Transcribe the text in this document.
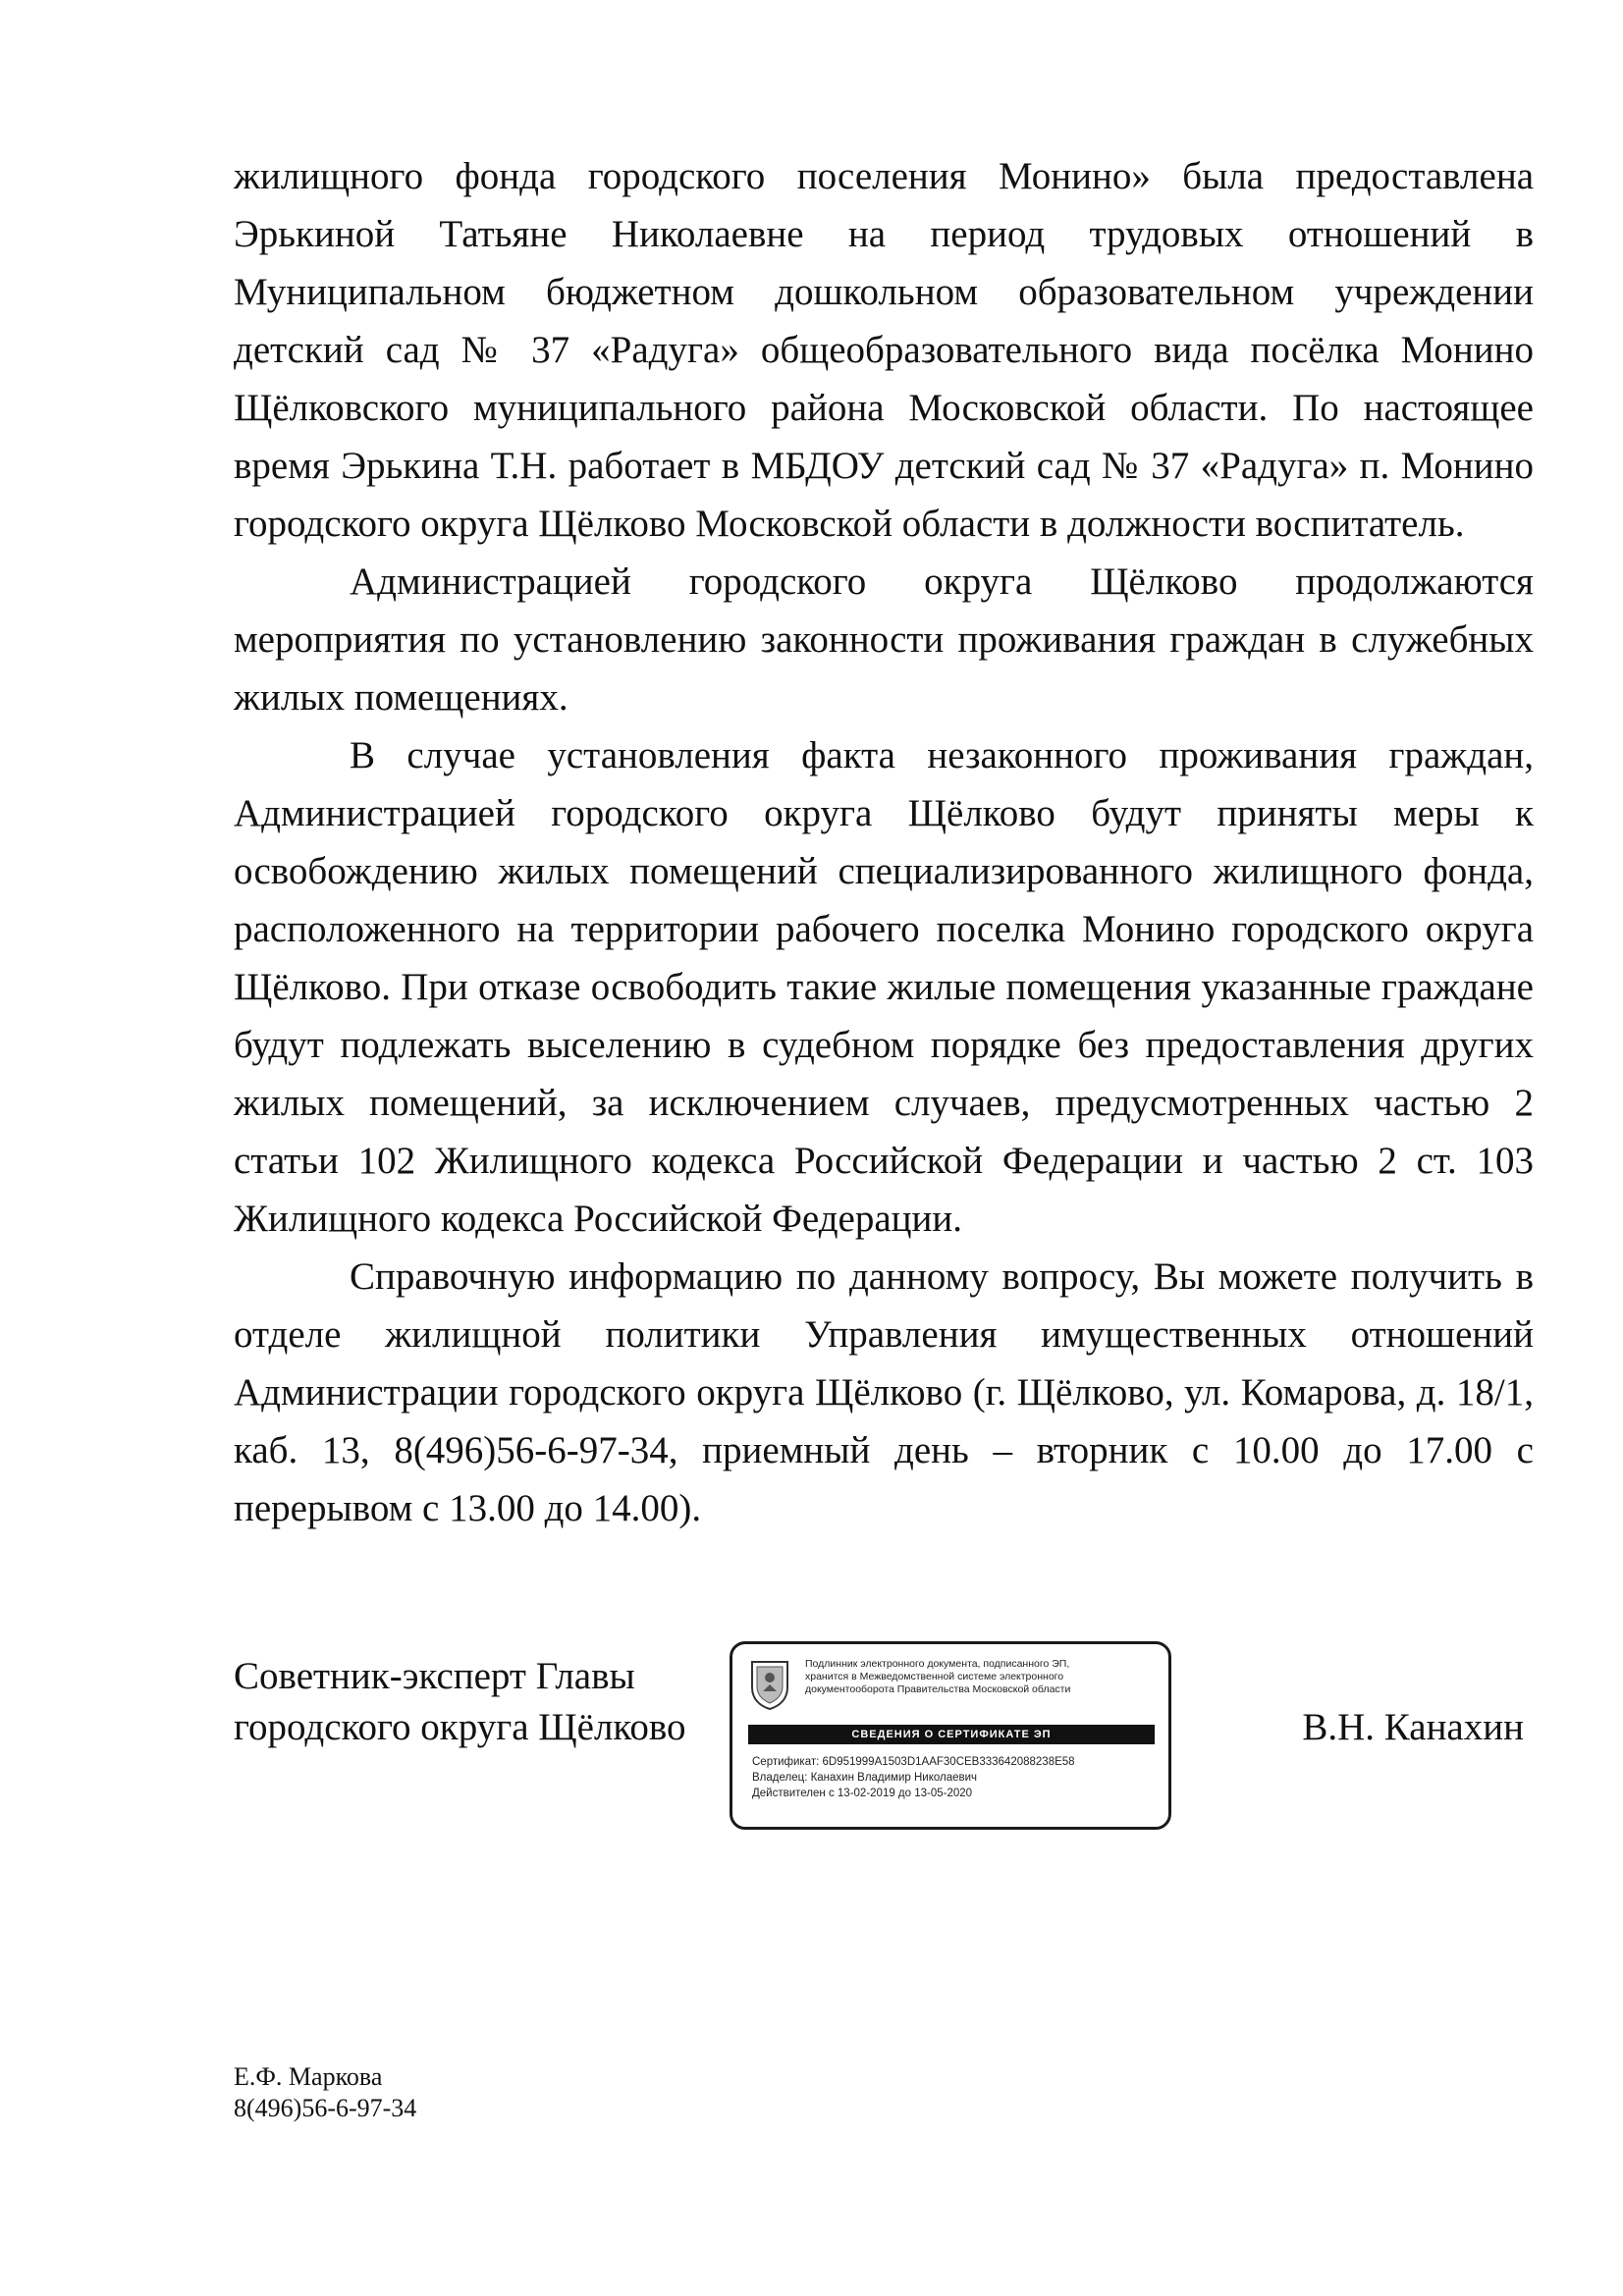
жилищного фонда городского поселения Монино» была предоставлена Эрькиной Татьяне Николаевне на период трудовых отношений в Муниципальном бюджетном дошкольном образовательном учреждении детский сад № 37 «Радуга» общеобразовательного вида посёлка Монино Щёлковского муниципального района Московской области. По настоящее время Эрькина Т.Н. работает в МБДОУ детский сад № 37 «Радуга» п. Монино городского округа Щёлково Московской области в должности воспитатель.

Администрацией городского округа Щёлково продолжаются мероприятия по установлению законности проживания граждан в служебных жилых помещениях.

В случае установления факта незаконного проживания граждан, Администрацией городского округа Щёлково будут приняты меры к освобождению жилых помещений специализированного жилищного фонда, расположенного на территории рабочего поселка Монино городского округа Щёлково. При отказе освободить такие жилые помещения указанные граждане будут подлежать выселению в судебном порядке без предоставления других жилых помещений, за исключением случаев, предусмотренных частью 2 статьи 102 Жилищного кодекса Российской Федерации и частью 2 ст. 103 Жилищного кодекса Российской Федерации.

Справочную информацию по данному вопросу, Вы можете получить в отделе жилищной политики Управления имущественных отношений Администрации городского округа Щёлково (г. Щёлково, ул. Комарова, д. 18/1, каб. 13, 8(496)56-6-97-34, приемный день – вторник с 10.00 до 17.00 с перерывом с 13.00 до 14.00).

Советник-эксперт Главы
городского округа Щёлково
Подлинник электронного документа, подписанного ЭП,
хранится в Межведомственной системе электронного
документооборота Правительства Московской области
СВЕДЕНИЯ О СЕРТИФИКАТЕ ЭП
Сертификат: 6D951999A1503D1AAF30CEB333642088238E58
Владелец: Канахин Владимир Николаевич
Действителен с 13-02-2019 до 13-05-2020
В.Н. Канахин
Е.Ф. Маркова
8(496)56-6-97-34
